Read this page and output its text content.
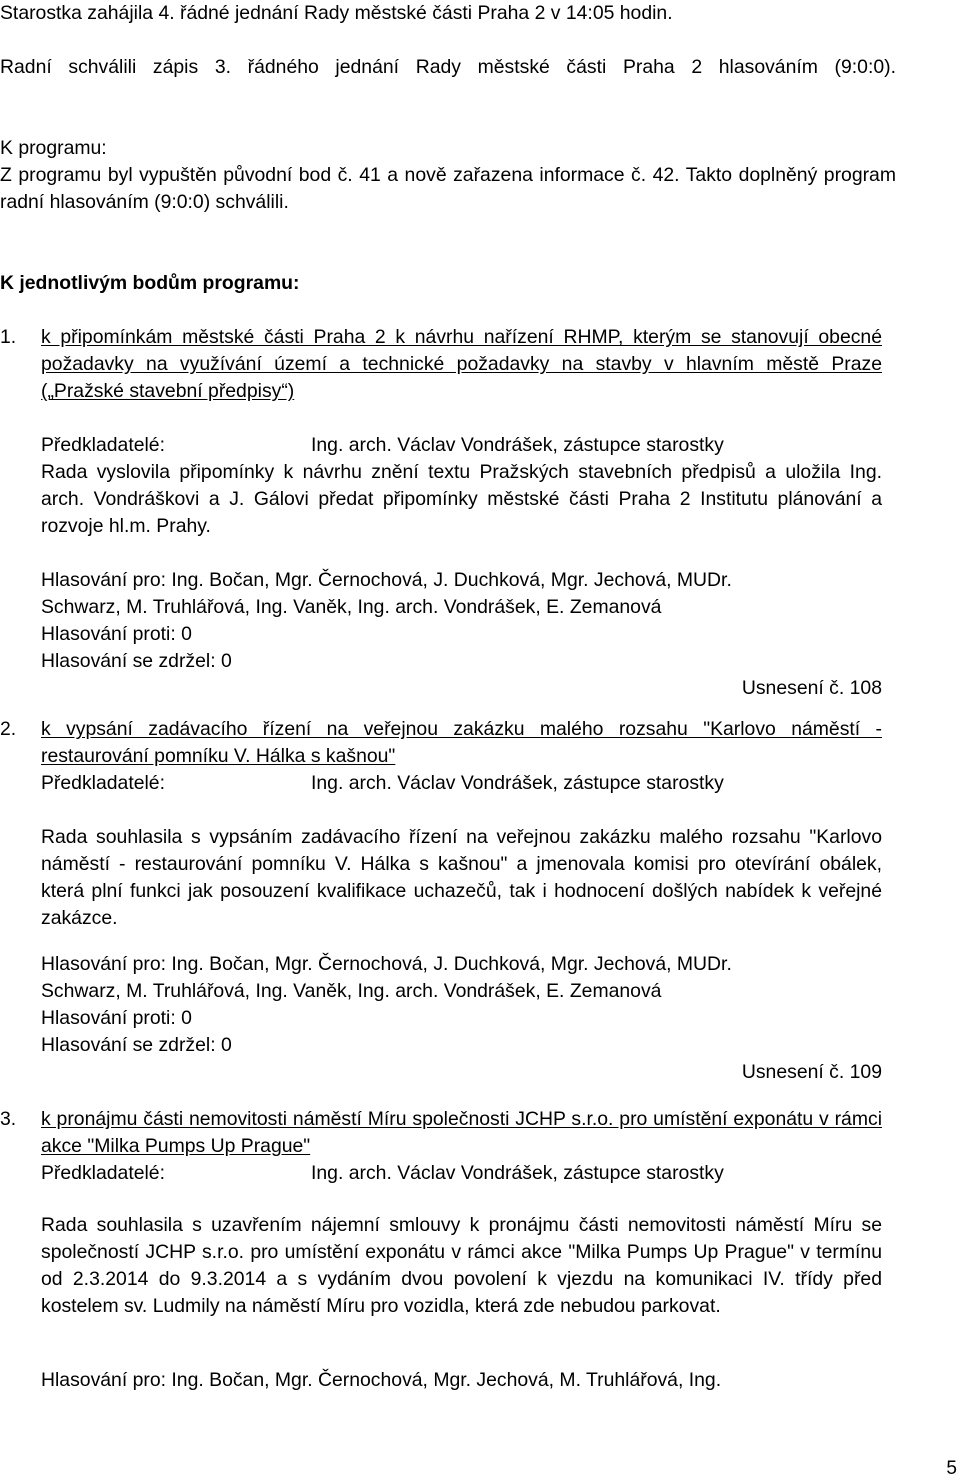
Starostka zahájila 4. řádné jednání Rady městské části Praha 2 v 14:05 hodin.

Radní schválili zápis 3. řádného jednání Rady městské části Praha 2 hlasováním (9:0:0).

K programu:

Z programu byl vypuštěn původní bod č. 41 a nově zařazena informace č. 42. Takto doplněný program radní hlasováním (9:0:0) schválili.

K jednotlivým bodům programu:

1. k připomínkám městské části Praha 2 k návrhu nařízení RHMP, kterým se stanovují obecné požadavky na využívání území a technické požadavky na stavby v hlavním městě Praze („Pražské stavební předpisy“)

Předkladatelé:	Ing. arch. Václav Vondrášek, zástupce starostky

Rada vyslovila připomínky k návrhu znění textu Pražských stavebních předpisů a uložila Ing. arch. Vondráškovi a J. Gálovi předat připomínky městské části Praha 2 Institutu plánování a rozvoje hl.m. Prahy.

Hlasování pro: Ing. Bočan, Mgr. Černochová, J. Duchková, Mgr. Jechová, MUDr.

Schwarz, M. Truhlářová, Ing. Vaněk, Ing. arch. Vondrášek, E. Zemanová

Hlasování proti: 0

Hlasování se zdržel: 0

Usnesení č. 108

2. k vypsání zadávacího řízení na veřejnou zakázku malého rozsahu "Karlovo náměstí - restaurování pomníku V. Hálka s kašnou"

Předkladatelé:	Ing. arch. Václav Vondrášek, zástupce starostky

Rada souhlasila s vypsáním zadávacího řízení na veřejnou zakázku malého rozsahu "Karlovo náměstí - restaurování pomníku V. Hálka s kašnou" a jmenovala komisi pro otevírání obálek, která plní funkci jak posouzení kvalifikace uchazečů, tak i hodnocení došlých nabídek k veřejné zakázce.

Hlasování pro: Ing. Bočan, Mgr. Černochová, J. Duchková, Mgr. Jechová, MUDr.

Schwarz, M. Truhlářová, Ing. Vaněk, Ing. arch. Vondrášek, E. Zemanová

Hlasování proti: 0

Hlasování se zdržel: 0

Usnesení č. 109

3. k pronájmu části nemovitosti náměstí Míru společnosti JCHP s.r.o. pro umístění exponátu v rámci akce "Milka Pumps Up Prague"

Předkladatelé:	Ing. arch. Václav Vondrášek, zástupce starostky

Rada souhlasila s uzavřením nájemní smlouvy k pronájmu části nemovitosti náměstí Míru se společností JCHP s.r.o. pro umístění exponátu v rámci akce "Milka Pumps Up Prague" v termínu od 2.3.2014 do 9.3.2014 a s vydáním dvou povolení k vjezdu na komunikaci IV. třídy před kostelem sv. Ludmily na náměstí Míru pro vozidla, která zde nebudou parkovat.

Hlasování pro: Ing. Bočan, Mgr. Černochová, Mgr. Jechová, M. Truhlářová, Ing.

5
